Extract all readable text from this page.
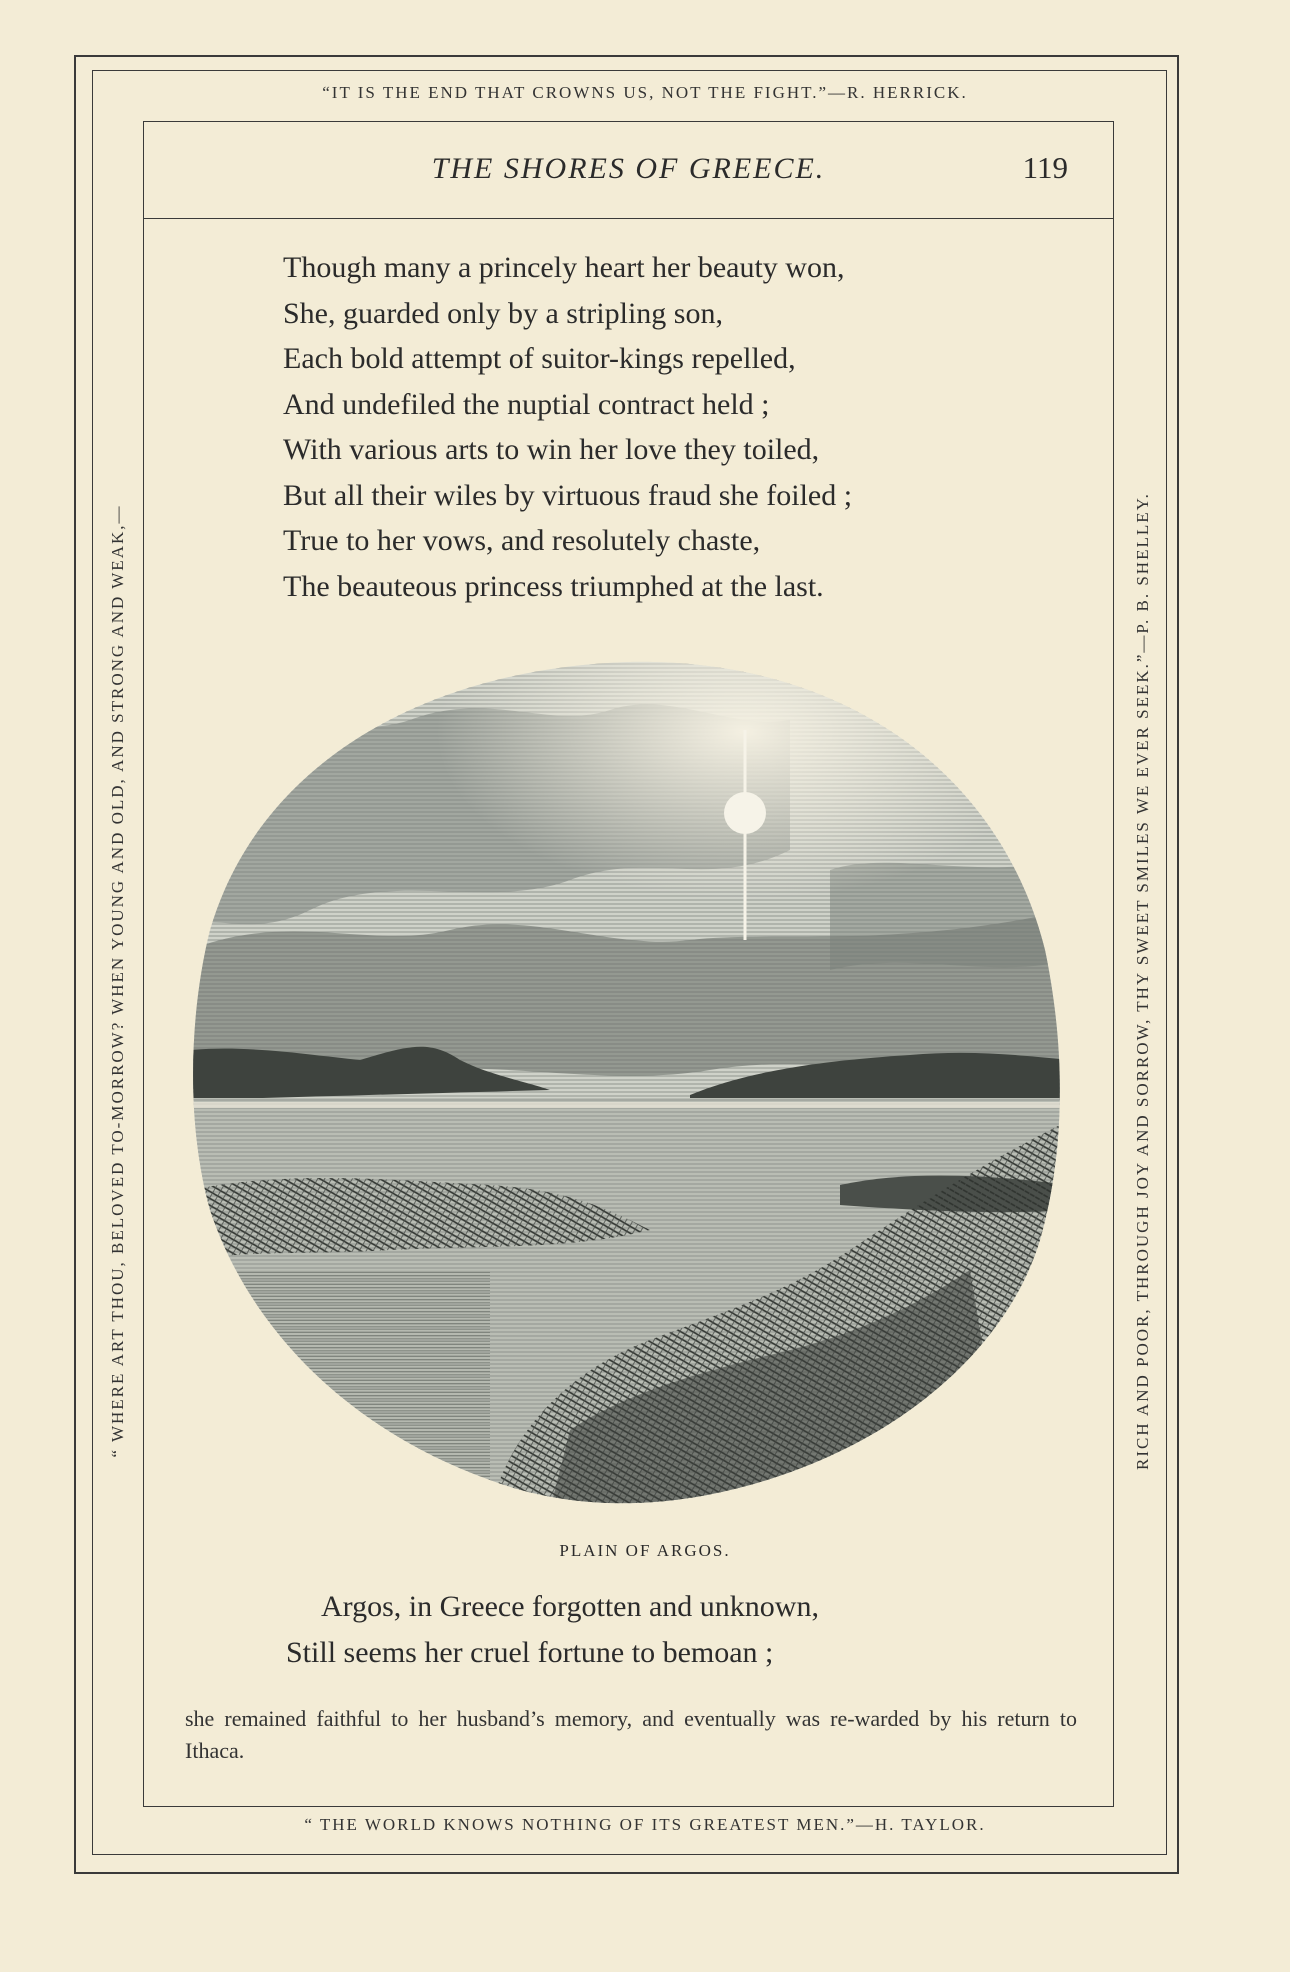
“IT IS THE END THAT CROWNS US, NOT THE FIGHT.”—R. HERRICK.
“ THE WORLD KNOWS NOTHING OF ITS GREATEST MEN.”—H. TAYLOR.
“ WHERE ART THOU, BELOVED TO-MORROW? WHEN YOUNG AND OLD, AND STRONG AND WEAK,—	RICH AND POOR, THROUGH JOY AND SORROW, THY SWEET SMILES WE EVER SEEK.”—P. B. SHELLEY.
THE SHORES OF GREECE.	119
Though many a princely heart her beauty won,
She, guarded only by a stripling son,
Each bold attempt of suitor-kings repelled,
And undefiled the nuptial contract held ;
With various arts to win her love they toiled,
But all their wiles by virtuous fraud she foiled ;
True to her vows, and resolutely chaste,
The beauteous princess triumphed at the last.
PLAIN OF ARGOS.
Argos, in Greece forgotten and unknown,
Still seems her cruel fortune to bemoan ;
she remained faithful to her husband’s memory, and eventually was re-warded by his return to Ithaca.
